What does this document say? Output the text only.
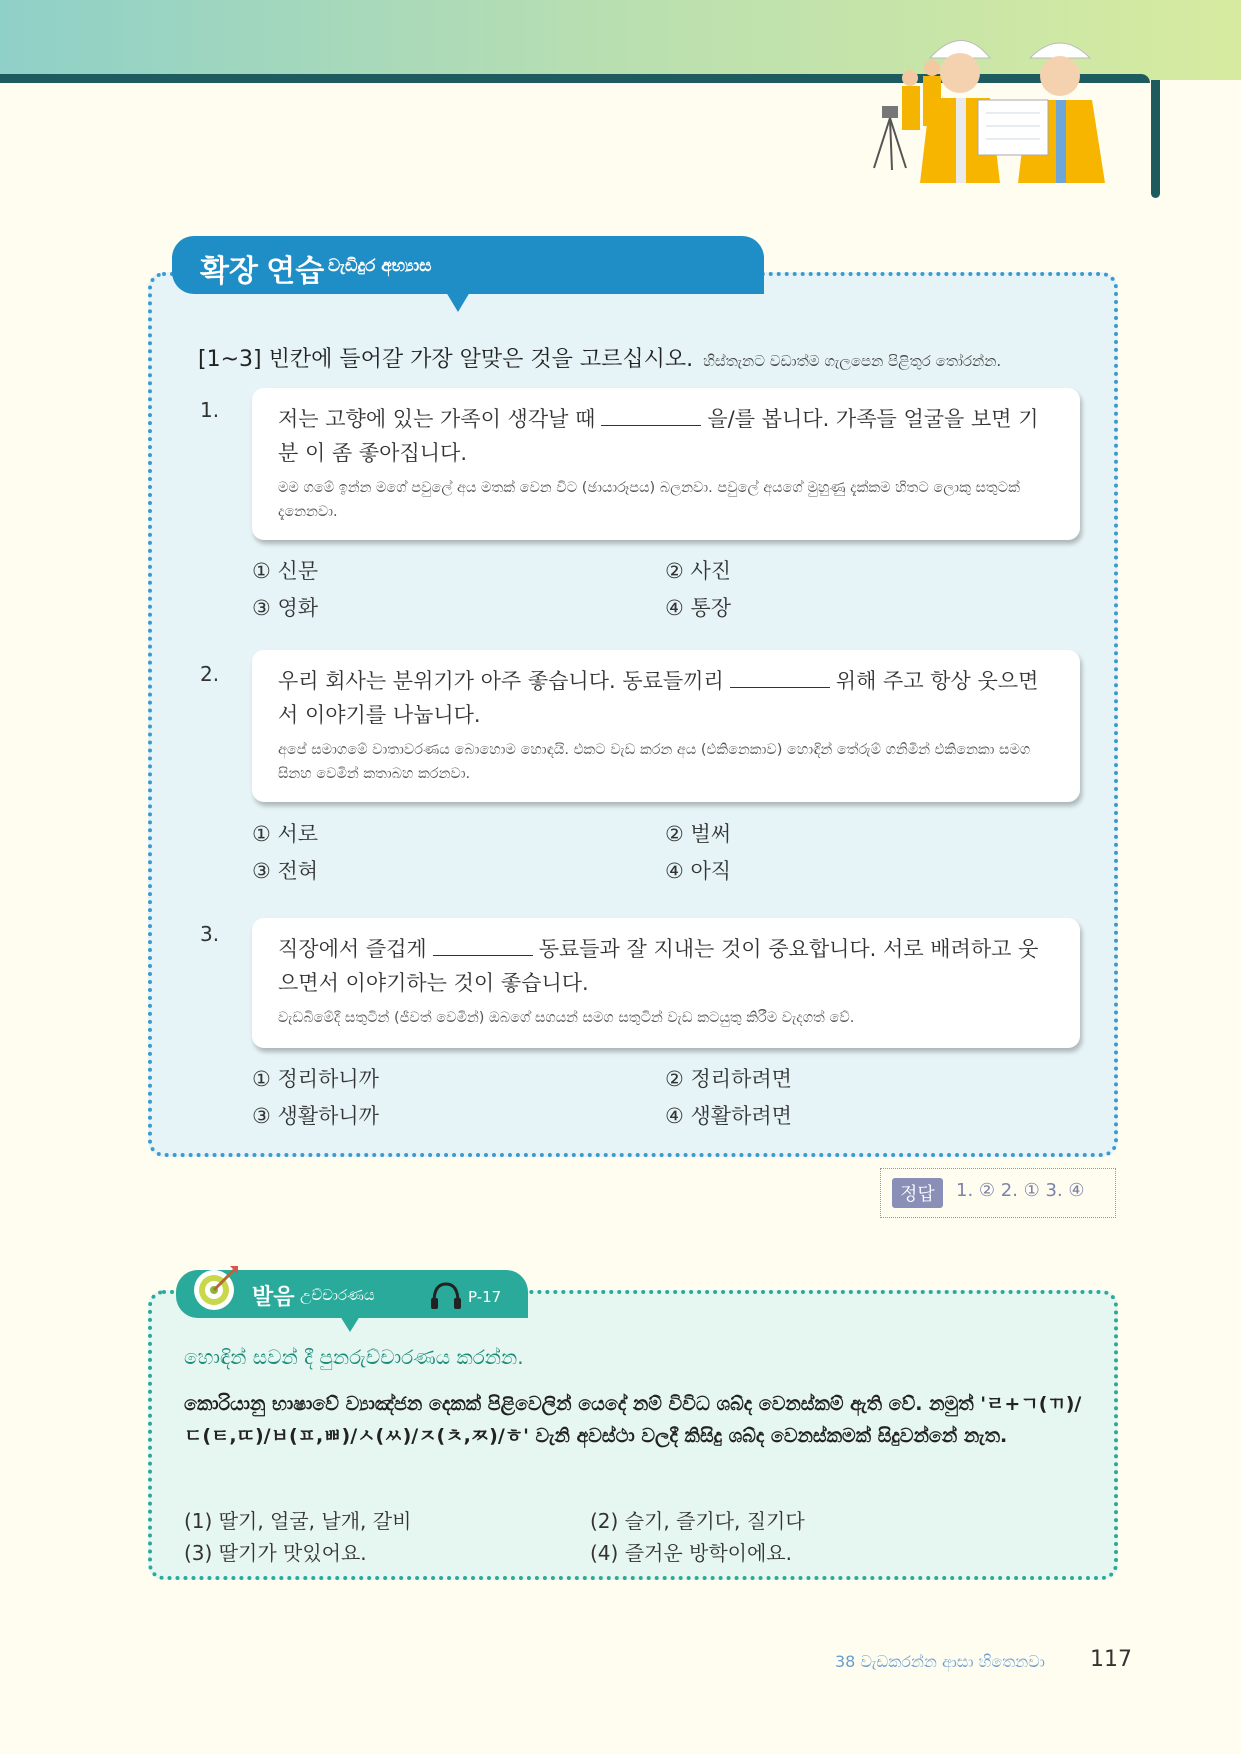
확장 연습 වැඩිදුර අභ්‍යාස
[1~3] 빈칸에 들어갈 가장 알맞은 것을 고르십시오. හිස්තැනට වඩාත්ම ගැලපෙන පිළිතුර තෝරන්න.
1.	저는 고향에 있는 가족이 생각날 때	을/를 봅니다. 가족들 얼굴을 보면 기분 이 좀 좋아집니다.
මම ගමේ ඉන්න මගේ පවුලේ අය මතක් වෙන විට (ඡායාරූපය) බලනවා. පවුලේ අයගේ මුහුණු දැක්කම හිතට ලොකු සතුටක් දැනෙනවා.
① 신문	② 사진
③ 영화	④ 통장
2.	우리 회사는 분위기가 아주 좋습니다. 동료들끼리	위해 주고 항상 웃으면서 이야기를 나눕니다.
අපේ සමාගමේ වාතාවරණය බොහොම හොඳයි. එකට වැඩ කරන අය (එකිනෙකාව) හොඳින් තේරුම් ගනිමින් එකිනෙකා සමග සිනහ වෙමින් කතාබහ කරනවා.
① 서로	② 벌써
③ 전혀	④ 아직
3.
직장에서 즐겁게	동료들과 잘 지내는 것이 중요합니다. 서로 배려하고 웃으면서 이야기하는 것이 좋습니다.
වැඩබිමේදී සතුටින් (ජීවත් වෙමින්) ඔබගේ සගයන් සමග සතුටින් වැඩ කටයුතු කිරීම වැදගත් වේ.
① 정리하니까	② 정리하려면
③ 생활하니까	④ 생활하려면
정답	1. ② 2. ① 3. ④
발음 උච්චාරණය	P-17
හොඳින් සවන් දී පුනරුච්චාරණය කරන්න.
කොරියානු භාෂාවේ ව්‍යාඤ්ජන දෙකක් පිළිවෙලින් යෙදේ නම් විවිධ ශබ්ද වෙනස්කම් ඇති වේ. නමුත් 'ㄹ+ㄱ(ㄲ)/ㄷ(ㅌ,ㄸ)/ㅂ(ㅍ,ㅃ)/ㅅ(ㅆ)/ㅈ(ㅊ,ㅉ)/ㅎ' වැනි අවස්ථා වලදී කිසිදු ශබ්ද වෙනස්කමක් සිදුවන්නේ නැත.
(1) 딸기, 얼굴, 날개, 갈비	(2) 슬기, 즐기다, 질기다
(3) 딸기가 맛있어요.	(4) 즐거운 방학이에요.
38 වැඩකරන්න ආසා හිතෙනවා 117
